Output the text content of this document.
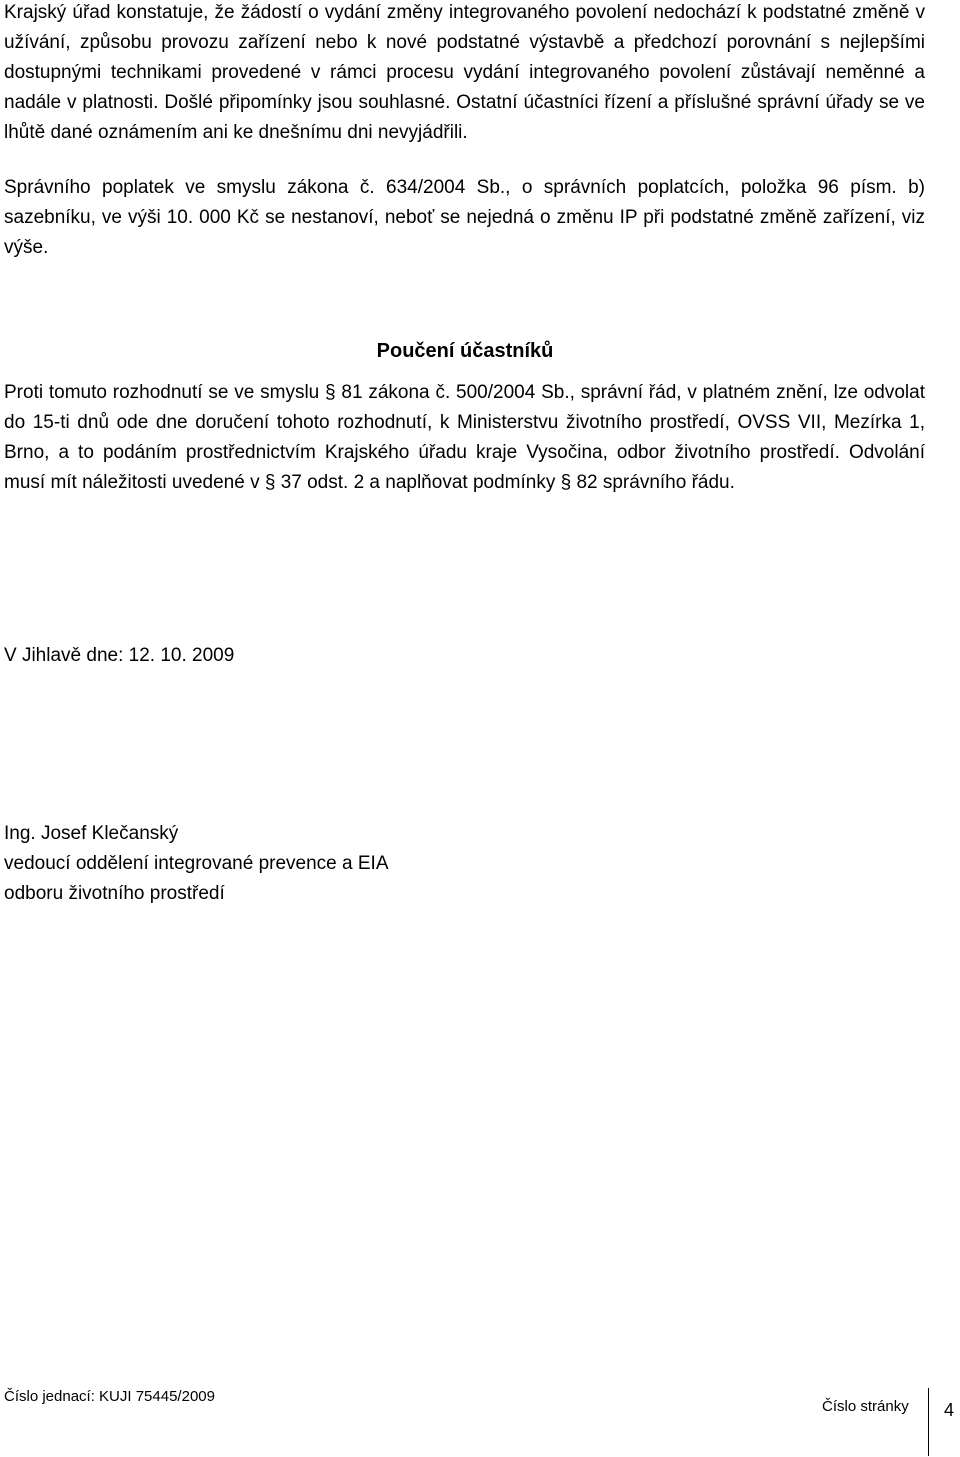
Krajský úřad konstatuje, že žádostí o vydání změny integrovaného povolení nedochází k podstatné změně v užívání, způsobu provozu zařízení nebo k nové podstatné výstavbě a předchozí porovnání s nejlepšími dostupnými technikami provedené v rámci procesu vydání integrovaného povolení zůstávají neměnné a nadále v platnosti. Došlé připomínky jsou souhlasné. Ostatní účastníci řízení a příslušné správní úřady se ve lhůtě dané oznámením ani ke dnešnímu dni nevyjádřili.

Správního poplatek ve smyslu zákona č. 634/2004 Sb., o správních poplatcích, položka 96 písm. b) sazebníku, ve výši 10. 000 Kč se nestanoví, neboť se nejedná o změnu IP při podstatné změně zařízení, viz výše.

Poučení účastníků

Proti tomuto rozhodnutí se ve smyslu § 81 zákona č. 500/2004 Sb., správní řád, v platném znění, lze odvolat do 15-ti dnů ode dne doručení tohoto rozhodnutí, k Ministerstvu životního prostředí, OVSS VII, Mezírka 1, Brno, a to podáním prostřednictvím Krajského úřadu kraje Vysočina, odbor životního prostředí. Odvolání musí mít náležitosti uvedené v § 37 odst. 2 a naplňovat podmínky § 82 správního řádu.

V Jihlavě dne: 12. 10. 2009

Ing. Josef Klečanský

vedoucí oddělení integrované prevence a EIA

odboru životního prostředí

Číslo jednací: KUJI 75445/2009
Číslo stránky 4
